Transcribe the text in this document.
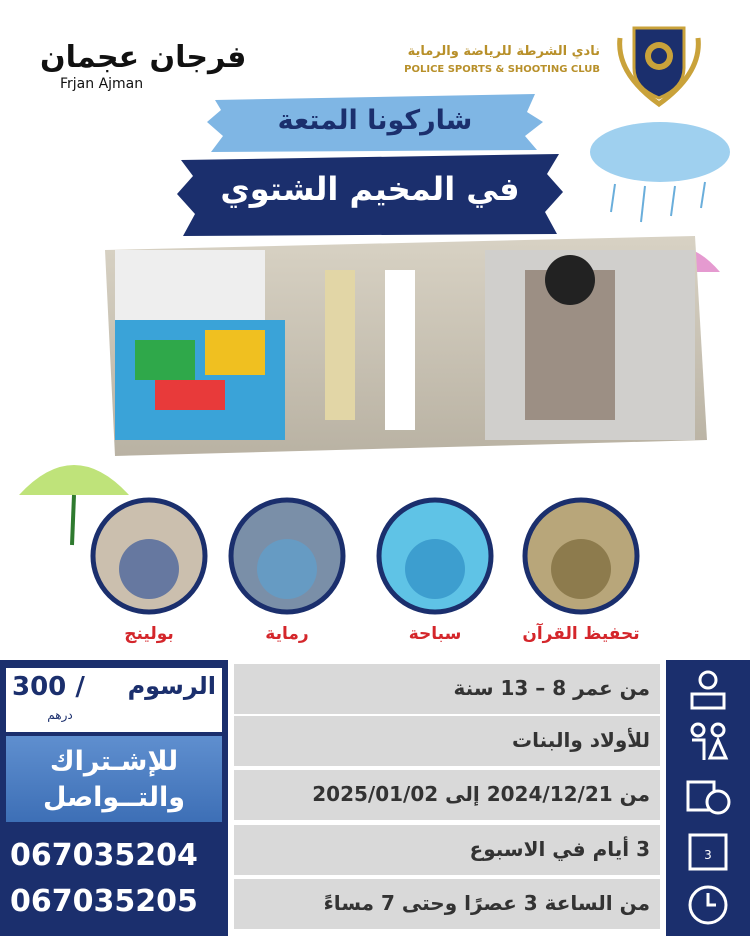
فرجان عجمان
Frjan Ajman
نادي الشرطة للرياضة والرماية
POLICE SPORTS & SHOOTING CLUB
شاركونا المتعة
في المخيم الشتوي
بولينج	رماية	سباحة	تحفيظ القرآن
الرسوم
300 /
درهم
للإشـتراك
والتــواصل
067035204
067035205
من عمر 8 – 13 سنة
للأولاد والبنات
من 2024/12/21 إلى 2025/01/02
3 أيام في الاسبوع	3
من الساعة 3 عصرًا وحتى 7 مساءً
